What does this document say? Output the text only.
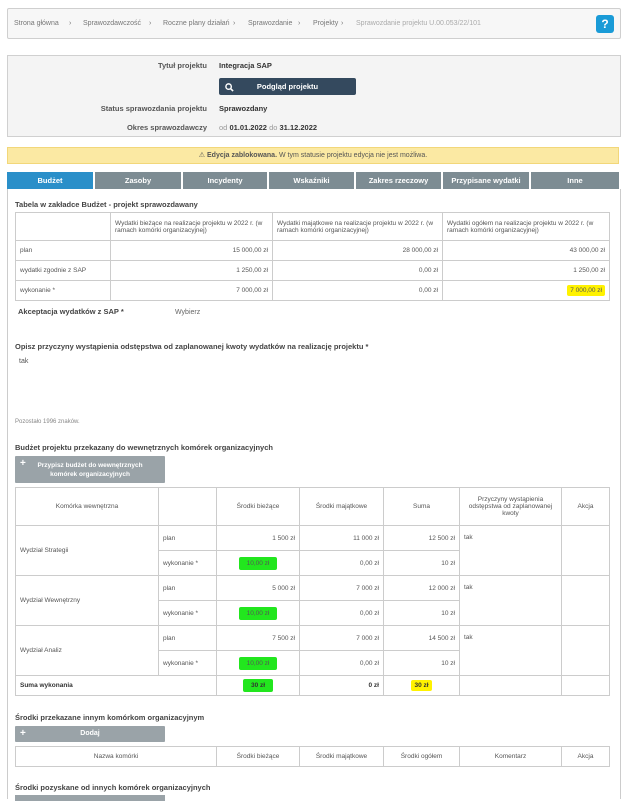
Strona główna › Sprawozdawczość › Roczne plany działań › Sprawozdanie › Projekty › Sprawozdanie projektu U.00.053/22/101	?
Tytuł projektu Integracja SAP
Podgląd projektu
Status sprawozdania projektu Sprawozdany
Okres sprawozdawczy od 01.01.2022 do 31.12.2022
⚠ Edycja zablokowana. W tym statusie projektu edycja nie jest możliwa.
Budżet	Zasoby	Incydenty	Wskaźniki	Zakres rzeczowy	Przypisane wydatki	Inne
Tabela w zakładce Budżet - projekt sprawozdawany
	Wydatki bieżące na realizacje projektu w 2022 r. (w ramach komórki organizacyjnej)	Wydatki majątkowe na realizacje projektu w 2022 r. (w ramach komórki organizacyjnej)	Wydatki ogółem na realizacje projektu w 2022 r. (w ramach komórki organizacyjnej)
plan	15 000,00 zł	28 000,00 zł	43 000,00 zł
wydatki zgodnie z SAP	1 250,00 zł	0,00 zł	1 250,00 zł
wykonanie *	7 000,00 zł	0,00 zł	7 000,00 zł
Akceptacja wydatków z SAP *	Wybierz
Opisz przyczyny wystąpienia odstępstwa od zaplanowanej kwoty wydatków na realizację projektu *
tak
Pozostało 1996 znaków.
Budżet projektu przekazany do wewnętrznych komórek organizacyjnych
+ Przypisz budżet do wewnętrznych
komórek organizacyjnych
Komórka wewnętrzna		Środki bieżące	Środki majątkowe	Suma	Przyczyny wystąpienia odstępstwa od zaplanowanej kwoty	Akcja
Wydział Strategii	plan	1 500 zł	11 000 zł	12 500 zł	tak	
	wykonanie *	10,00 zł	0,00 zł	10 zł		
Wydział Wewnętrzny	plan	5 000 zł	7 000 zł	12 000 zł	tak	
	wykonanie *	10,00 zł	0,00 zł	10 zł		
Wydział Analiz	plan	7 500 zł	7 000 zł	14 500 zł	tak	
	wykonanie *	10,00 zł	0,00 zł	10 zł		
Suma wykonania		30 zł	0 zł	30 zł		
Środki przekazane innym komórkom organizacyjnym
+	Dodaj
Nazwa komórki	Środki bieżące	Środki majątkowe	Środki ogółem	Komentarz	Akcja
Środki pozyskane od innych komórek organizacyjnych
